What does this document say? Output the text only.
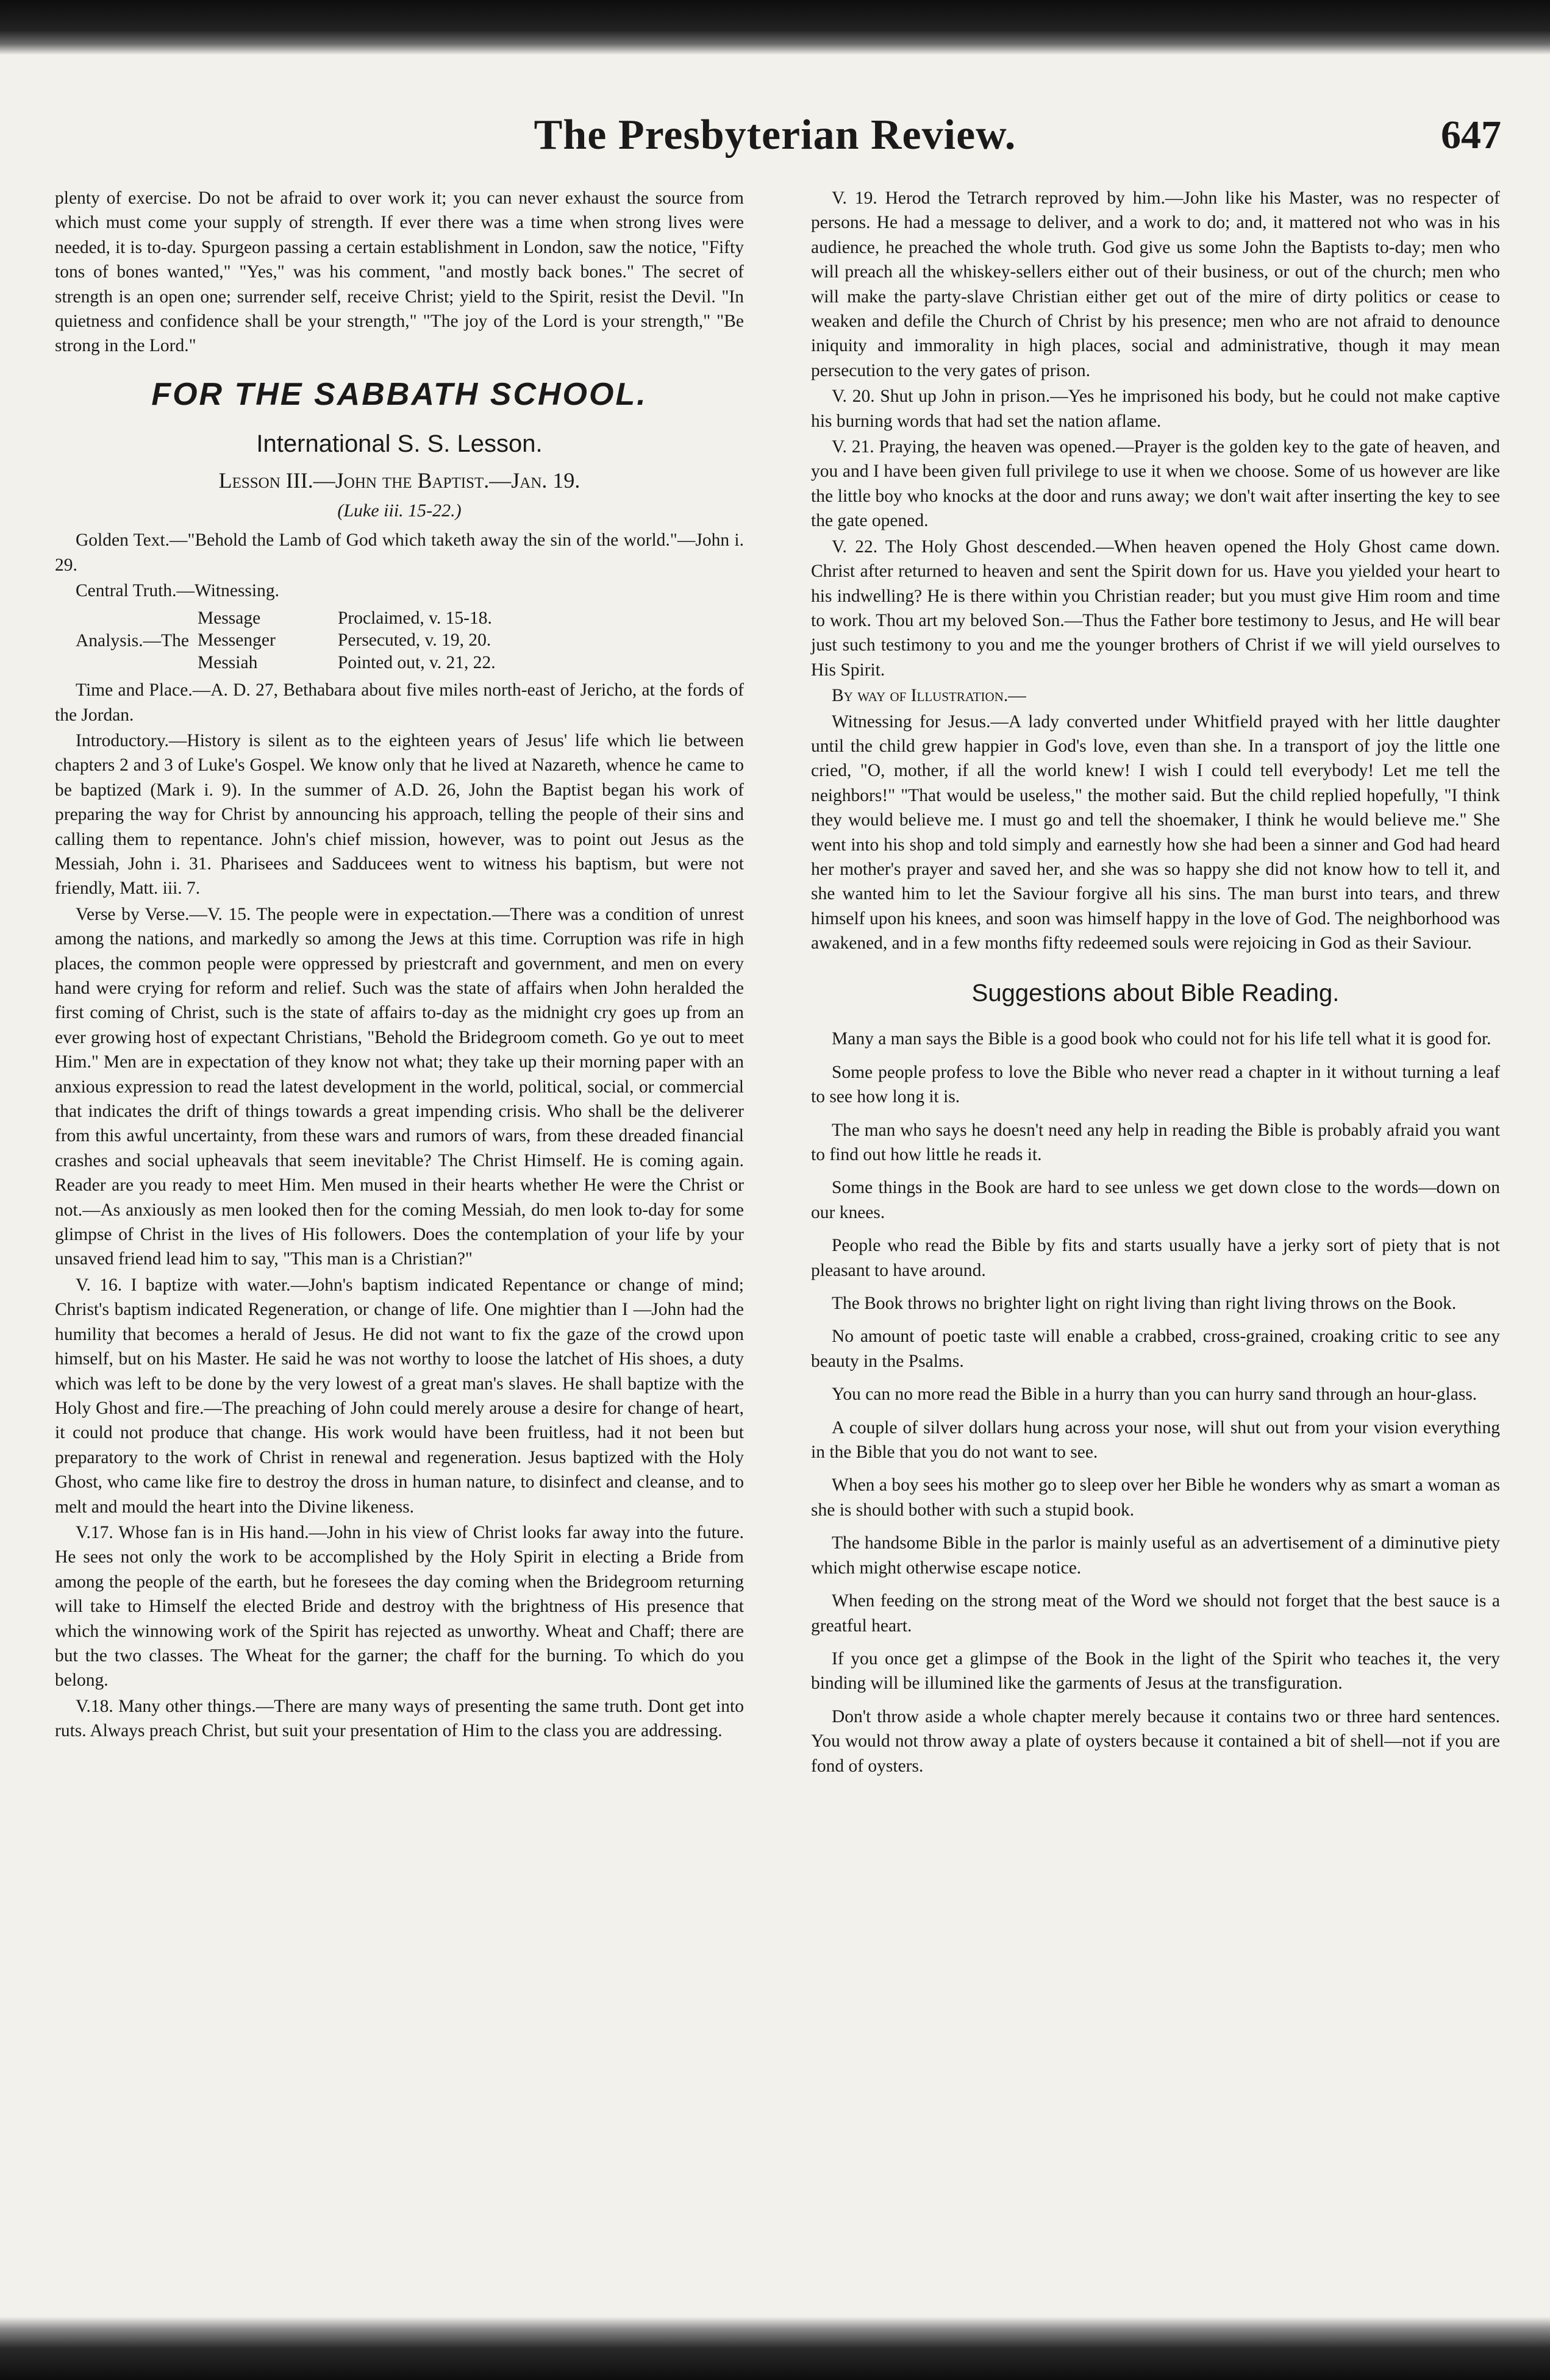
The Presbyterian Review.	647

plenty of exercise. Do not be afraid to over work it; you can never exhaust the source from which must come your supply of strength. If ever there was a time when strong lives were needed, it is to-day. Spurgeon passing a certain establishment in London, saw the notice, "Fifty tons of bones wanted," "Yes," was his comment, "and mostly back bones." The secret of strength is an open one; surrender self, receive Christ; yield to the Spirit, resist the Devil. "In quietness and confidence shall be your strength," "The joy of the Lord is your strength," "Be strong in the Lord."

FOR THE SABBATH SCHOOL.
International S. S. Lesson.
Lesson III.—John the Baptist.—Jan. 19.
(Luke iii. 15-22.)

Golden Text.—"Behold the Lamb of God which taketh away the sin of the world."—John i. 29.

Central Truth.—Witnessing.

Analysis.—The
Message	Proclaimed, v. 15-18.
Messenger	Persecuted, v. 19, 20.
Messiah	Pointed out, v. 21, 22.

Time and Place.—A. D. 27, Bethabara about five miles north-east of Jericho, at the fords of the Jordan.

Introductory.—History is silent as to the eighteen years of Jesus' life which lie between chapters 2 and 3 of Luke's Gospel. We know only that he lived at Nazareth, whence he came to be baptized (Mark i. 9). In the summer of A.D. 26, John the Baptist began his work of preparing the way for Christ by announcing his approach, telling the people of their sins and calling them to repentance. John's chief mission, however, was to point out Jesus as the Messiah, John i. 31. Pharisees and Sadducees went to witness his baptism, but were not friendly, Matt. iii. 7.

Verse by Verse.—V. 15. The people were in expectation.—There was a condition of unrest among the nations, and markedly so among the Jews at this time. Corruption was rife in high places, the common people were oppressed by priestcraft and government, and men on every hand were crying for reform and relief. Such was the state of affairs when John heralded the first coming of Christ, such is the state of affairs to-day as the midnight cry goes up from an ever growing host of expectant Christians, "Behold the Bridegroom cometh. Go ye out to meet Him." Men are in expectation of they know not what; they take up their morning paper with an anxious expression to read the latest development in the world, political, social, or commercial that indicates the drift of things towards a great impending crisis. Who shall be the deliverer from this awful uncertainty, from these wars and rumors of wars, from these dreaded financial crashes and social upheavals that seem inevitable? The Christ Himself. He is coming again. Reader are you ready to meet Him. Men mused in their hearts whether He were the Christ or not.—As anxiously as men looked then for the coming Messiah, do men look to-day for some glimpse of Christ in the lives of His followers. Does the contemplation of your life by your unsaved friend lead him to say, "This man is a Christian?"

V. 16. I baptize with water.—John's baptism indicated Repentance or change of mind; Christ's baptism indicated Regeneration, or change of life. One mightier than I —John had the humility that becomes a herald of Jesus. He did not want to fix the gaze of the crowd upon himself, but on his Master. He said he was not worthy to loose the latchet of His shoes, a duty which was left to be done by the very lowest of a great man's slaves. He shall baptize with the Holy Ghost and fire.—The preaching of John could merely arouse a desire for change of heart, it could not produce that change. His work would have been fruitless, had it not been but preparatory to the work of Christ in renewal and regeneration. Jesus baptized with the Holy Ghost, who came like fire to destroy the dross in human nature, to disinfect and cleanse, and to melt and mould the heart into the Divine likeness.

V.17. Whose fan is in His hand.—John in his view of Christ looks far away into the future. He sees not only the work to be accomplished by the Holy Spirit in electing a Bride from among the people of the earth, but he foresees the day coming when the Bridegroom returning will take to Himself the elected Bride and destroy with the brightness of His presence that which the winnowing work of the Spirit has rejected as unworthy. Wheat and Chaff; there are but the two classes. The Wheat for the garner; the chaff for the burning. To which do you belong.

V.18. Many other things.—There are many ways of presenting the same truth. Dont get into ruts. Always preach Christ, but suit your presentation of Him to the class you are addressing.

V. 19. Herod the Tetrarch reproved by him.—John like his Master, was no respecter of persons. He had a message to deliver, and a work to do; and, it mattered not who was in his audience, he preached the whole truth. God give us some John the Baptists to-day; men who will preach all the whiskey-sellers either out of their business, or out of the church; men who will make the party-slave Christian either get out of the mire of dirty politics or cease to weaken and defile the Church of Christ by his presence; men who are not afraid to denounce iniquity and immorality in high places, social and administrative, though it may mean persecution to the very gates of prison.

V. 20. Shut up John in prison.—Yes he imprisoned his body, but he could not make captive his burning words that had set the nation aflame.

V. 21. Praying, the heaven was opened.—Prayer is the golden key to the gate of heaven, and you and I have been given full privilege to use it when we choose. Some of us however are like the little boy who knocks at the door and runs away; we don't wait after inserting the key to see the gate opened.

V. 22. The Holy Ghost descended.—When heaven opened the Holy Ghost came down. Christ after returned to heaven and sent the Spirit down for us. Have you yielded your heart to his indwelling? He is there within you Christian reader; but you must give Him room and time to work. Thou art my beloved Son.—Thus the Father bore testimony to Jesus, and He will bear just such testimony to you and me the younger brothers of Christ if we will yield ourselves to His Spirit.

By way of Illustration.—

Witnessing for Jesus.—A lady converted under Whitfield prayed with her little daughter until the child grew happier in God's love, even than she. In a transport of joy the little one cried, "O, mother, if all the world knew! I wish I could tell everybody! Let me tell the neighbors!" "That would be useless," the mother said. But the child replied hopefully, "I think they would believe me. I must go and tell the shoemaker, I think he would believe me." She went into his shop and told simply and earnestly how she had been a sinner and God had heard her mother's prayer and saved her, and she was so happy she did not know how to tell it, and she wanted him to let the Saviour forgive all his sins. The man burst into tears, and threw himself upon his knees, and soon was himself happy in the love of God. The neighborhood was awakened, and in a few months fifty redeemed souls were rejoicing in God as their Saviour.

Suggestions about Bible Reading.

Many a man says the Bible is a good book who could not for his life tell what it is good for.

Some people profess to love the Bible who never read a chapter in it without turning a leaf to see how long it is.

The man who says he doesn't need any help in reading the Bible is probably afraid you want to find out how little he reads it.

Some things in the Book are hard to see unless we get down close to the words—down on our knees.

People who read the Bible by fits and starts usually have a jerky sort of piety that is not pleasant to have around.

The Book throws no brighter light on right living than right living throws on the Book.

No amount of poetic taste will enable a crabbed, cross-grained, croaking critic to see any beauty in the Psalms.

You can no more read the Bible in a hurry than you can hurry sand through an hour-glass.

A couple of silver dollars hung across your nose, will shut out from your vision everything in the Bible that you do not want to see.

When a boy sees his mother go to sleep over her Bible he wonders why as smart a woman as she is should bother with such a stupid book.

The handsome Bible in the parlor is mainly useful as an advertisement of a diminutive piety which might otherwise escape notice.

When feeding on the strong meat of the Word we should not forget that the best sauce is a greatful heart.

If you once get a glimpse of the Book in the light of the Spirit who teaches it, the very binding will be illumined like the garments of Jesus at the transfiguration.

Don't throw aside a whole chapter merely because it contains two or three hard sentences. You would not throw away a plate of oysters because it contained a bit of shell—not if you are fond of oysters.
